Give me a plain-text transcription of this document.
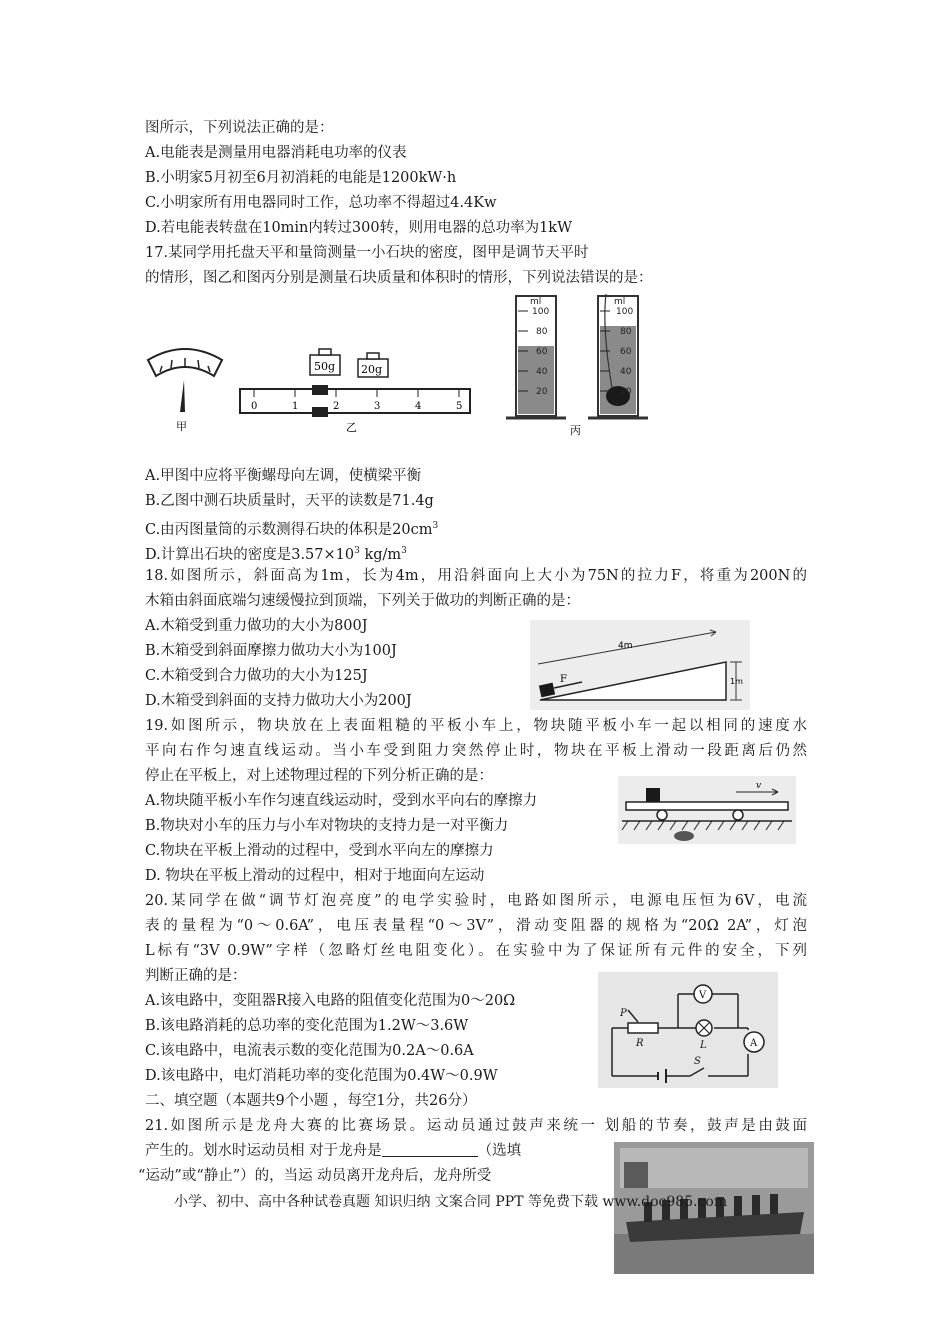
图所示，下列说法正确的是：
A.电能表是测量用电器消耗电功率的仪表
B.小明家5月初至6月初消耗的电能是1200kW·h
C.小明家所有用电器同时工作，总功率不得超过4.4Kw
D.若电能表转盘在10min内转过300转，则用电器的总功率为1kW
17.某同学用托盘天平和量筒测量一小石块的密度，图甲是调节天平时
的情形，图乙和图丙分别是测量石块质量和体积时的情形，下列说法错误的是：
甲
50g 20g
0	1	2	3	4	5
乙
ml
100
80
60
40
20
ml
100
80
60
40
20
丙
A.甲图中应将平衡螺母向左调，使横梁平衡
B.乙图中测石块质量时，天平的读数是71.4g
C.由丙图量筒的示数测得石块的体积是$20cm^3$
D.计算出石块的密度是$3.57\times 10^3$ $kg/m^3$
18.如图所示，斜面高为1m，长为4m，用沿斜面向上大小为75N的拉力F，将重为200N的
木箱由斜面底端匀速缓慢拉到顶端，下列关于做功的判断正确的是：
A.木箱受到重力做功的大小为800J
B.木箱受到斜面摩擦力做功大小为100J
C.木箱受到合力做功的大小为125J
D.木箱受到斜面的支持力做功大小为200J
4m
1m
F
19.如图所示，物块放在上表面粗糙的平板小车上，物块随平板小车一起以相同的速度水
平向右作匀速直线运动。当小车受到阻力突然停止时，物块在平板上滑动一段距离后仍然
停止在平板上，对上述物理过程的下列分析正确的是：
A.物块随平板小车作匀速直线运动时，受到水平向右的摩擦力
B.物块对小车的压力与小车对物块的支持力是一对平衡力
C.物块在平板上滑动的过程中，受到水平向左的摩擦力
D. 物块在平板上滑动的过程中，相对于地面向左运动
v
20.某同学在做“调节灯泡亮度”的电学实验时，电路如图所示，电源电压恒为6V，电流
表的量程为“0～0.6A”，电压表量程“0～3V”，滑动变阻器的规格为“20Ω 2A”，灯泡
L标有“3V 0.9W”字样（忽略灯丝电阻变化）。在实验中为了保证所有元件的安全，下列
判断正确的是：
A.该电路中，变阻器R接入电路的阻值变化范围为0～20Ω
B.该电路消耗的总功率的变化范围为1.2W～3.6W
C.该电路中，电流表示数的变化范围为0.2A～0.6A
D.该电路中，电灯消耗功率的变化范围为0.4W～0.9W
P
R
V
L	A
S
二、填空题（本题共9个小题 ，每空1分，共26分）
21.如图所示是龙舟大赛的比赛场景。运动员通过鼓声来统一 划船的节奏，鼓声是由鼓面
产生的。划水时运动员相 对于龙舟是	（选填
“运动”或“静止”）的，当运 动员离开龙舟后，龙舟所受
小学、初中、高中各种试卷真题 知识归纳 文案合同 PPT 等免费下载 www.doc985.com
